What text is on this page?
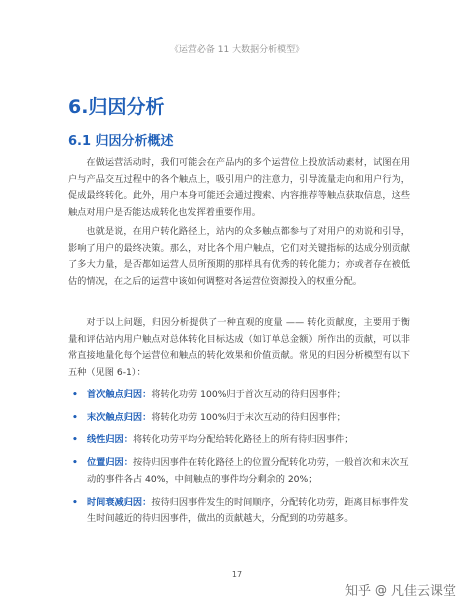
《运营必备 11 大数据分析模型》
6.归因分析
6.1 归因分析概述

在做运营活动时，我们可能会在产品内的多个运营位上投放活动素材，试图在用户与产品交互过程中的各个触点上，吸引用户的注意力，引导流量走向和用户行为，促成最终转化。此外，用户本身可能还会通过搜索、内容推荐等触点获取信息，这些触点对用户是否能达成转化也发挥着重要作用。

也就是说，在用户转化路径上，站内的众多触点都参与了对用户的劝说和引导，影响了用户的最终决策。那么，对比各个用户触点，它们对关键指标的达成分别贡献了多大力量，是否都如运营人员所预期的那样具有优秀的转化能力；亦或者存在被低估的情况，在之后的运营中该如何调整对各运营位资源投入的权重分配。

对于以上问题，归因分析提供了一种直观的度量 —— 转化贡献度，主要用于衡量和评估站内用户触点对总体转化目标达成（如订单总金额）所作出的贡献，可以非常直接地量化每个运营位和触点的转化效果和价值贡献。常见的归因分析模型有以下五种（见图 6-1）：

• 首次触点归因：将转化功劳 100%归于首次互动的待归因事件；
• 末次触点归因：将转化功劳 100%归于末次互动的待归因事件；
• 线性归因：将转化功劳平均分配给转化路径上的所有待归因事件；
• 位置归因：按待归因事件在转化路径上的位置分配转化功劳，一般首次和末次互动的事件各占 40%，中间触点的事件均分剩余的 20%；
• 时间衰减归因：按待归因事件发生的时间顺序，分配转化功劳，距离目标事件发生时间越近的待归因事件，做出的贡献越大，分配到的功劳越多。
17
知乎 @ 凡佳云课堂
